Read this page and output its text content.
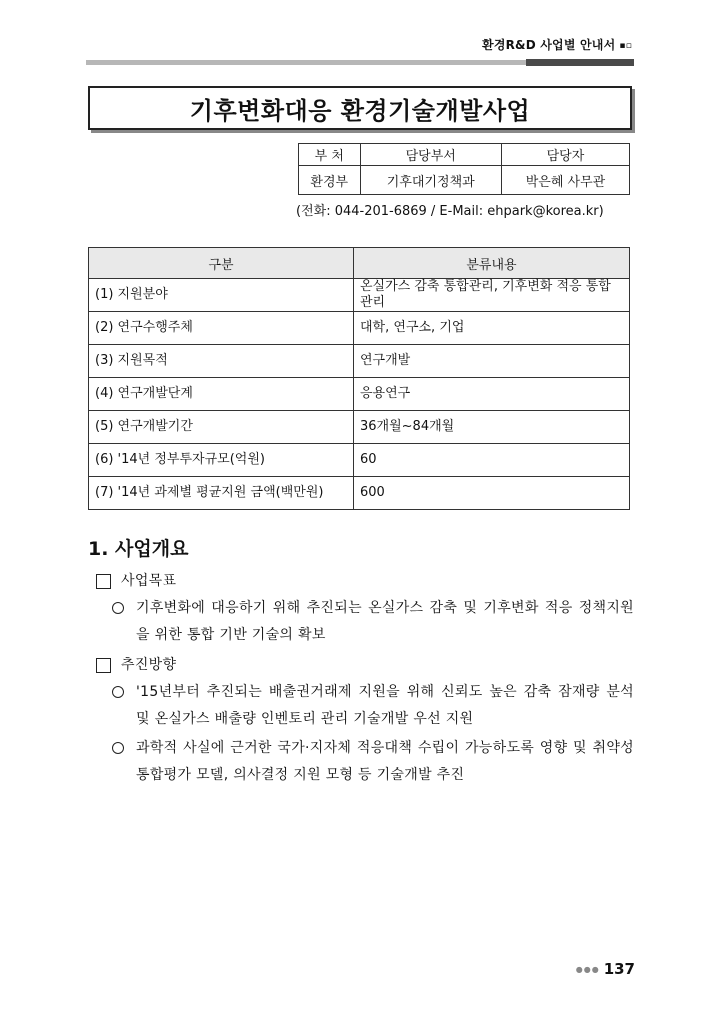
환경R&D 사업별 안내서 ▪▫
기후변화대응 환경기술개발사업
부 처	담당부서	담당자
환경부	기후대기정책과	박은혜 사무관
(전화: 044-201-6869 / E-Mail: ehpark@korea.kr)
구분	분류내용
(1) 지원분야	온실가스 감축 통합관리, 기후변화 적응 통합관리
(2) 연구수행주체	대학, 연구소, 기업
(3) 지원목적	연구개발
(4) 연구개발단계	응용연구
(5) 연구개발기간	36개월~84개월
(6) '14년 정부투자규모(억원)	60
(7) '14년 과제별 평균지원 금액(백만원)	600
1. 사업개요
사업목표
기후변화에 대응하기 위해 추진되는 온실가스 감축 및 기후변화 적응 정책지원을 위한 통합 기반 기술의 확보
추진방향
'15년부터 추진되는 배출권거래제 지원을 위해 신뢰도 높은 감축 잠재량 분석 및 온실가스 배출량 인벤토리 관리 기술개발 우선 지원
과학적 사실에 근거한 국가·지자체 적응대책 수립이 가능하도록 영향 및 취약성 통합평가 모델, 의사결정 지원 모형 등 기술개발 추진
●●● 137
